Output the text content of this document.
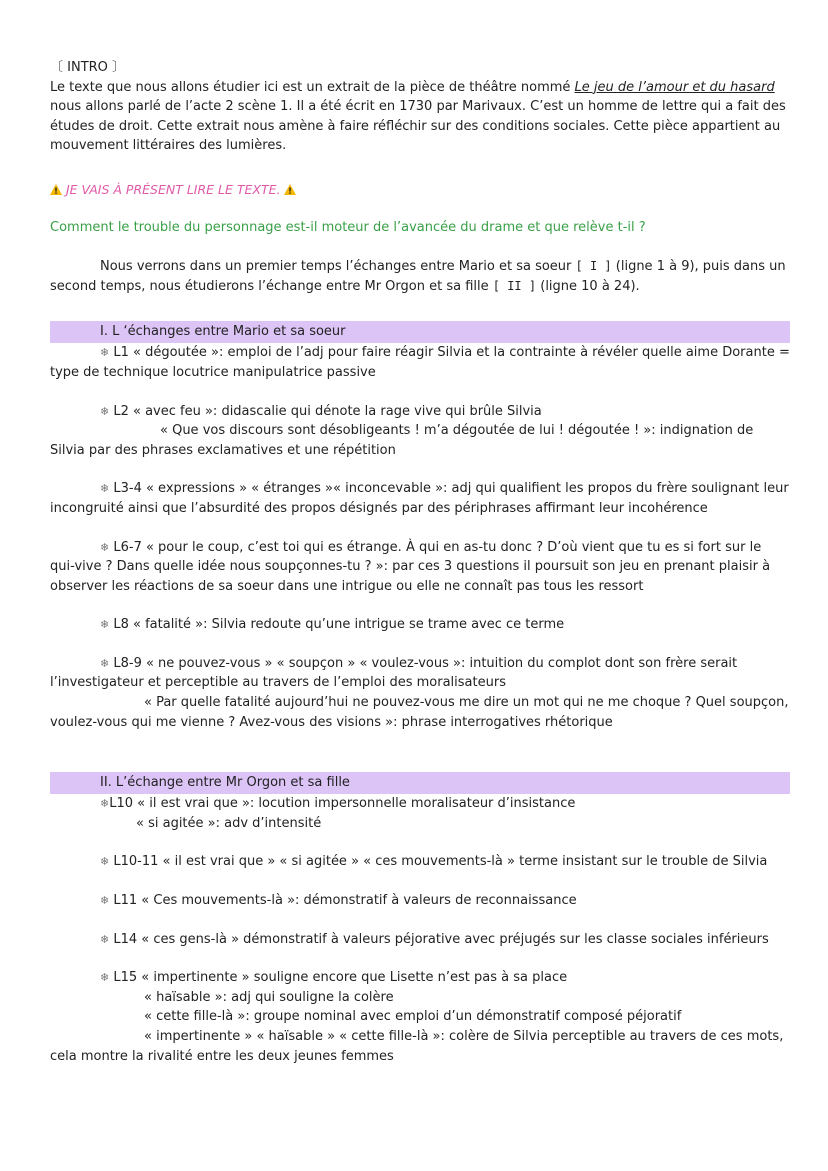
〔 INTRO 〕

Le texte que nous allons étudier ici est un extrait de la pièce de théâtre nommé Le jeu de l’amour et du hasard nous allons parlé de l’acte 2 scène 1. Il a été écrit en 1730 par Marivaux. C’est un homme de lettre qui a fait des études de droit. Cette extrait nous amène à faire réfléchir sur des conditions sociales. Cette pièce appartient au mouvement littéraires des lumières.

JE VAIS À PRÉSENT LIRE LE TEXTE.

Comment le trouble du personnage est-il moteur de l’avancée du drame et que relève t-il ?

Nous verrons dans un premier temps l’échanges entre Mario et sa soeur [ I ] (ligne 1 à 9), puis dans un second temps, nous étudierons l’échange entre Mr Orgon et sa fille [ II ] (ligne 10 à 24).

I. L ‘échanges entre Mario et sa soeur

❄ L1 « dégoutée »: emploi de l’adj pour faire réagir Silvia et la contrainte à révéler quelle aime Dorante = type de technique locutrice manipulatrice passive

❄ L2 « avec feu »: didascalie qui dénote la rage vive qui brûle Silvia

« Que vos discours sont désobligeants ! m’a dégoutée de lui ! dégoutée ! »: indignation de Silvia par des phrases exclamatives et une répétition

❄ L3-4 « expressions » « étranges »« inconcevable »: adj qui qualifient les propos du frère soulignant leur incongruité ainsi que l’absurdité des propos désignés par des périphrases affirmant leur incohérence

❄ L6-7 « pour le coup, c’est toi qui es étrange. À qui en as-tu donc ? D’où vient que tu es si fort sur le qui-vive ? Dans quelle idée nous soupçonnes-tu ? »: par ces 3 questions il poursuit son jeu en prenant plaisir à observer les réactions de sa soeur dans une intrigue ou elle ne connaît pas tous les ressort

❄ L8 « fatalité »: Silvia redoute qu’une intrigue se trame avec ce terme

❄ L8-9 « ne pouvez-vous » « soupçon » « voulez-vous »: intuition du complot dont son frère serait l’investigateur et perceptible au travers de l’emploi des moralisateurs

« Par quelle fatalité aujourd’hui ne pouvez-vous me dire un mot qui ne me choque ? Quel soupçon, voulez-vous qui me vienne ? Avez-vous des visions »: phrase interrogatives rhétorique

II. L’échange entre Mr Orgon et sa fille

❄L10 « il est vrai que »: locution impersonnelle moralisateur d’insistance

« si agitée »: adv d’intensité

❄ L10-11 « il est vrai que » « si agitée » « ces mouvements-là » terme insistant sur le trouble de Silvia

❄ L11 « Ces mouvements-là »: démonstratif à valeurs de reconnaissance

❄ L14 « ces gens-là » démonstratif à valeurs péjorative avec préjugés sur les classe sociales inférieurs

❄ L15 « impertinente » souligne encore que Lisette n’est pas à sa place

« haïsable »: adj qui souligne la colère

« cette fille-là »: groupe nominal avec emploi d’un démonstratif composé péjoratif

« impertinente » « haïsable » « cette fille-là »: colère de Silvia perceptible au travers de ces mots, cela montre la rivalité entre les deux jeunes femmes
